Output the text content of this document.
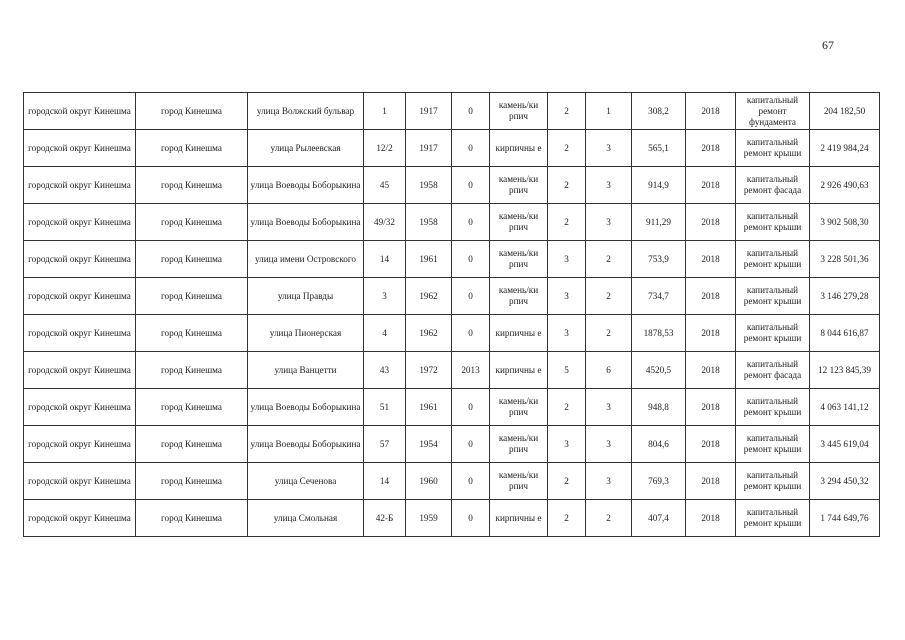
67
городской округ Кинешма	город Кинешма	улица Волжский бульвар	1	1917	0	камень/ки рпич	2	1	308,2	2018	капитальный ремонт фундамента	204 182,50
городской округ Кинешма	город Кинешма	улица Рылеевская	12/2	1917	0	кирпичны е	2	3	565,1	2018	капитальный ремонт крыши	2 419 984,24
городской округ Кинешма	город Кинешма	улица Воеводы Боборыкина	45	1958	0	камень/ки рпич	2	3	914,9	2018	капитальный ремонт фасада	2 926 490,63
городской округ Кинешма	город Кинешма	улица Воеводы Боборыкина	49/32	1958	0	камень/ки рпич	2	3	911,29	2018	капитальный ремонт крыши	3 902 508,30
городской округ Кинешма	город Кинешма	улица имени Островского	14	1961	0	камень/ки рпич	3	2	753,9	2018	капитальный ремонт крыши	3 228 501,36
городской округ Кинешма	город Кинешма	улица Правды	3	1962	0	камень/ки рпич	3	2	734,7	2018	капитальный ремонт крыши	3 146 279,28
городской округ Кинешма	город Кинешма	улица Пионерская	4	1962	0	кирпичны е	3	2	1878,53	2018	капитальный ремонт крыши	8 044 616,87
городской округ Кинешма	город Кинешма	улица Ванцетти	43	1972	2013	кирпичны е	5	6	4520,5	2018	капитальный ремонт фасада	12 123 845,39
городской округ Кинешма	город Кинешма	улица Воеводы Боборыкина	51	1961	0	камень/ки рпич	2	3	948,8	2018	капитальный ремонт крыши	4 063 141,12
городской округ Кинешма	город Кинешма	улица Воеводы Боборыкина	57	1954	0	камень/ки рпич	3	3	804,6	2018	капитальный ремонт крыши	3 445 619,04
городской округ Кинешма	город Кинешма	улица Сеченова	14	1960	0	камень/ки рпич	2	3	769,3	2018	капитальный ремонт крыши	3 294 450,32
городской округ Кинешма	город Кинешма	улица Смольная	42-Б	1959	0	кирпичны е	2	2	407,4	2018	капитальный ремонт крыши	1 744 649,76
